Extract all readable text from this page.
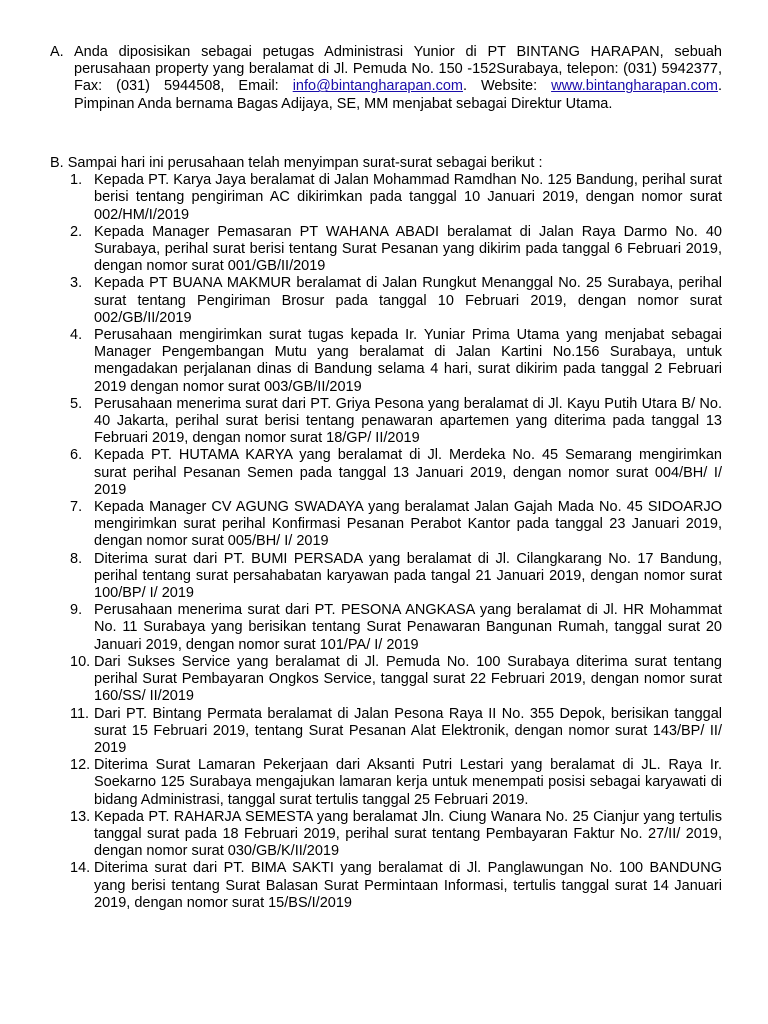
A. Anda diposisikan sebagai petugas Administrasi Yunior di PT BINTANG HARAPAN, sebuah perusahaan property yang beralamat di Jl. Pemuda No. 150 -152Surabaya, telepon: (031) 5942377, Fax: (031) 5944508, Email: info@bintangharapan.com. Website: www.bintangharapan.com. Pimpinan Anda bernama Bagas Adijaya, SE, MM menjabat sebagai Direktur Utama.

B. Sampai hari ini perusahaan telah menyimpan surat-surat sebagai berikut :

1. Kepada PT. Karya Jaya beralamat di Jalan Mohammad Ramdhan No. 125 Bandung, perihal surat berisi tentang pengiriman AC dikirimkan pada tanggal 10 Januari 2019, dengan nomor surat 002/HM/I/2019
2. Kepada Manager Pemasaran PT WAHANA ABADI beralamat di Jalan Raya Darmo No. 40 Surabaya, perihal surat berisi tentang Surat Pesanan yang dikirim pada tanggal 6 Februari 2019, dengan nomor surat 001/GB/II/2019
3. Kepada PT BUANA MAKMUR beralamat di Jalan Rungkut Menanggal No. 25 Surabaya, perihal surat tentang Pengiriman Brosur pada tanggal 10 Februari 2019, dengan nomor surat 002/GB/II/2019
4. Perusahaan mengirimkan surat tugas kepada Ir. Yuniar Prima Utama yang menjabat sebagai Manager Pengembangan Mutu yang beralamat di Jalan Kartini No.156 Surabaya, untuk mengadakan perjalanan dinas di Bandung selama 4 hari, surat dikirim pada tanggal 2 Februari 2019 dengan nomor surat 003/GB/II/2019
5. Perusahaan menerima surat dari PT. Griya Pesona yang beralamat di Jl. Kayu Putih Utara B/ No. 40 Jakarta, perihal surat berisi tentang penawaran apartemen yang diterima pada tanggal 13 Februari 2019, dengan nomor surat 18/GP/ II/2019
6. Kepada PT. HUTAMA KARYA yang beralamat di Jl. Merdeka No. 45 Semarang mengirimkan surat perihal Pesanan Semen pada tanggal 13 Januari 2019, dengan nomor surat 004/BH/ I/ 2019
7. Kepada Manager CV AGUNG SWADAYA yang beralamat Jalan Gajah Mada No. 45 SIDOARJO mengirimkan surat perihal Konfirmasi Pesanan Perabot Kantor pada tanggal 23 Januari 2019, dengan nomor surat 005/BH/ I/ 2019
8. Diterima surat dari PT. BUMI PERSADA yang beralamat di Jl. Cilangkarang No. 17 Bandung, perihal tentang surat persahabatan karyawan pada tangal 21 Januari 2019, dengan nomor surat 100/BP/ I/ 2019
9. Perusahaan menerima surat dari PT. PESONA ANGKASA yang beralamat di Jl. HR Mohammat No. 11 Surabaya yang berisikan tentang Surat Penawaran Bangunan Rumah, tanggal surat 20 Januari 2019, dengan nomor surat 101/PA/ I/ 2019
10. Dari Sukses Service yang beralamat di Jl. Pemuda No. 100 Surabaya diterima surat tentang perihal Surat Pembayaran Ongkos Service, tanggal surat 22 Februari 2019, dengan nomor surat 160/SS/ II/2019
11. Dari PT. Bintang Permata beralamat di Jalan Pesona Raya II No. 355 Depok, berisikan tanggal surat 15 Februari 2019, tentang Surat Pesanan Alat Elektronik, dengan nomor surat 143/BP/ II/ 2019
12. Diterima Surat Lamaran Pekerjaan dari Aksanti Putri Lestari yang beralamat di JL. Raya Ir. Soekarno 125 Surabaya mengajukan lamaran kerja untuk menempati posisi sebagai karyawati di bidang Administrasi, tanggal surat tertulis tanggal 25 Februari 2019.
13. Kepada PT. RAHARJA SEMESTA yang beralamat Jln. Ciung Wanara No. 25 Cianjur yang tertulis tanggal surat pada 18 Februari 2019, perihal surat tentang Pembayaran Faktur No. 27/II/ 2019, dengan nomor surat 030/GB/K/II/2019
14. Diterima surat dari PT. BIMA SAKTI yang beralamat di Jl. Panglawungan No. 100 BANDUNG yang berisi tentang Surat Balasan Surat Permintaan Informasi, tertulis tanggal surat 14 Januari 2019, dengan nomor surat 15/BS/I/2019
